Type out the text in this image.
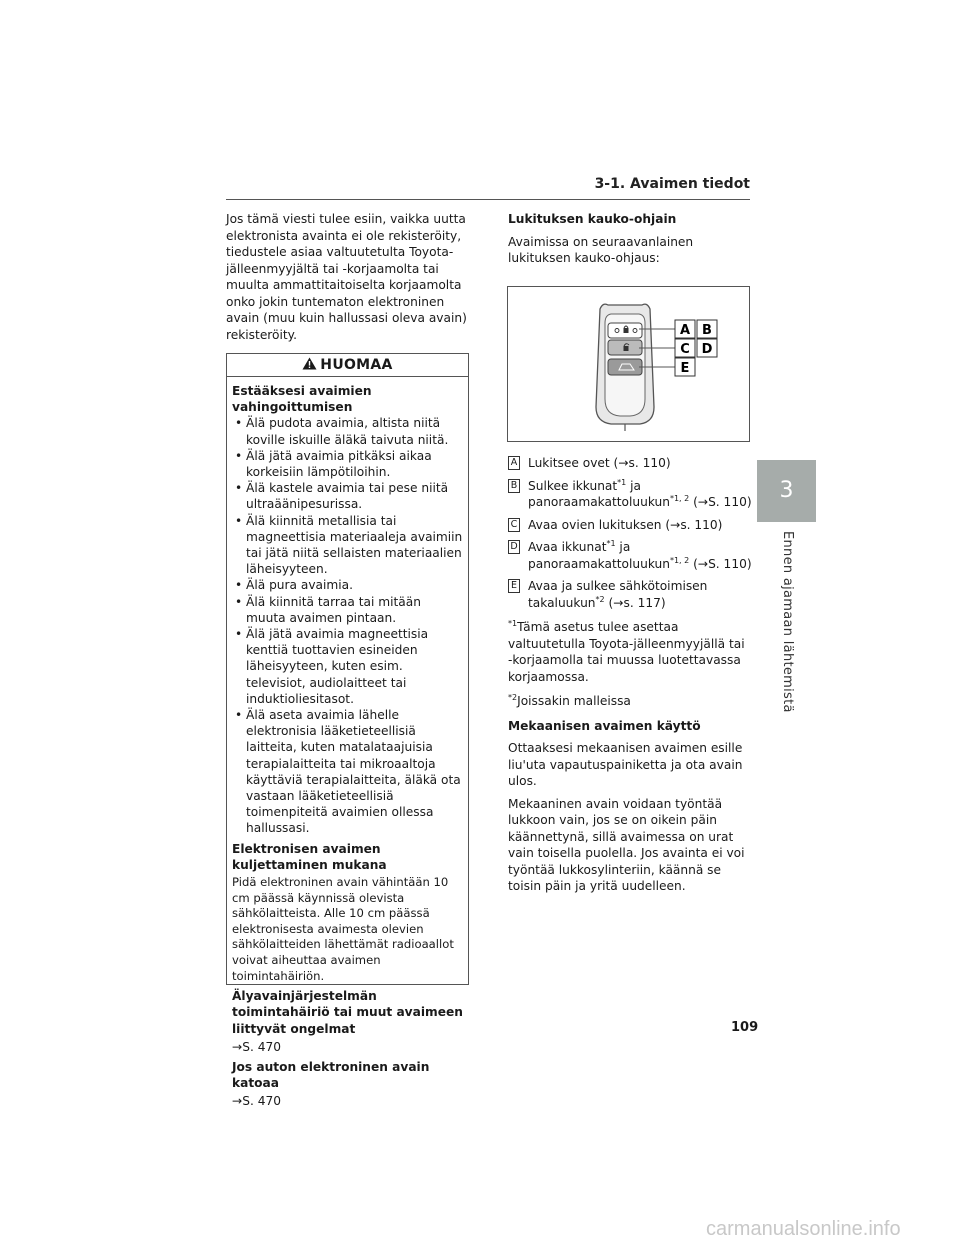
3-1. Avaimen tiedot
3
Ennen ajamaan lähtemistä

Jos tämä viesti tulee esiin, vaikka uutta elektronista avainta ei ole rekisteröity, tiedustele asiaa valtuutetulta Toyota-jälleenmyyjältä tai -korjaamolta tai muulta ammattitaitoiselta korjaamolta onko jokin tuntematon elektroninen avain (muu kuin hallussasi oleva avain) rekisteröity.

HUOMAA
Estääksesi avaimien vahingoittumisen
• Älä pudota avaimia, altista niitä koville iskuille äläkä taivuta niitä.
• Älä jätä avaimia pitkäksi aikaa korkeisiin lämpötiloihin.
• Älä kastele avaimia tai pese niitä ultraäänipesurissa.
• Älä kiinnitä metallisia tai magneettisia materiaaleja avaimiin tai jätä niitä sellaisten materiaalien läheisyyteen.
• Älä pura avaimia.
• Älä kiinnitä tarraa tai mitään muuta avaimen pintaan.
• Älä jätä avaimia magneettisia kenttiä tuottavien esineiden läheisyyteen, kuten esim. televisiot, audiolaitteet tai induktioliesitasot.
• Älä aseta avaimia lähelle elektronisia lääketieteellisiä laitteita, kuten matalataajuisia terapialaitteita tai mikroaaltoja käyttäviä terapialaitteita, äläkä ota vastaan lääketieteellisiä toimenpiteitä avaimien ollessa hallussasi.
Elektronisen avaimen kuljettaminen mukana
Pidä elektroninen avain vähintään 10 cm päässä käynnissä olevista sähkölaitteista. Alle 10 cm päässä elektronisesta avaimesta olevien sähkölaitteiden lähettämät radioaallot voivat aiheuttaa avaimen toimintahäiriön.
Älyavainjärjestelmän toimintahäiriö tai muut avaimeen liittyvät ongelmat
→S. 470
Jos auton elektroninen avain katoaa
→S. 470

Lukituksen kauko-ohjain

Avaimissa on seuraavanlainen lukituksen kauko-ohjaus:

A B
C D
E
A Lukitsee ovet (→s. 110)
B Sulkee ikkunat$^{*1}$ ja panoraamakattoluukun$^{*1, 2}$ (→S. 110)
C Avaa ovien lukituksen (→s. 110)
D Avaa ikkunat$^{*1}$ ja panoraamakattoluukun$^{*1, 2}$ (→S. 110)
E Avaa ja sulkee sähkötoimisen takaluukun$^{*2}$ (→s. 117)

$^{*1}$Tämä asetus tulee asettaa valtuutetulla Toyota-jälleenmyyjällä tai -korjaamolla tai muussa luotettavassa korjaamossa.

$^{*2}$Joissakin malleissa

Mekaanisen avaimen käyttö

Ottaaksesi mekaanisen avaimen esille liu'uta vapautuspainiketta ja ota avain ulos.

Mekaaninen avain voidaan työntää lukkoon vain, jos se on oikein päin käännettynä, sillä avaimessa on urat vain toisella puolella. Jos avainta ei voi työntää lukkosylinteriin, käännä se toisin päin ja yritä uudelleen.

109
carmanualsonline.info
